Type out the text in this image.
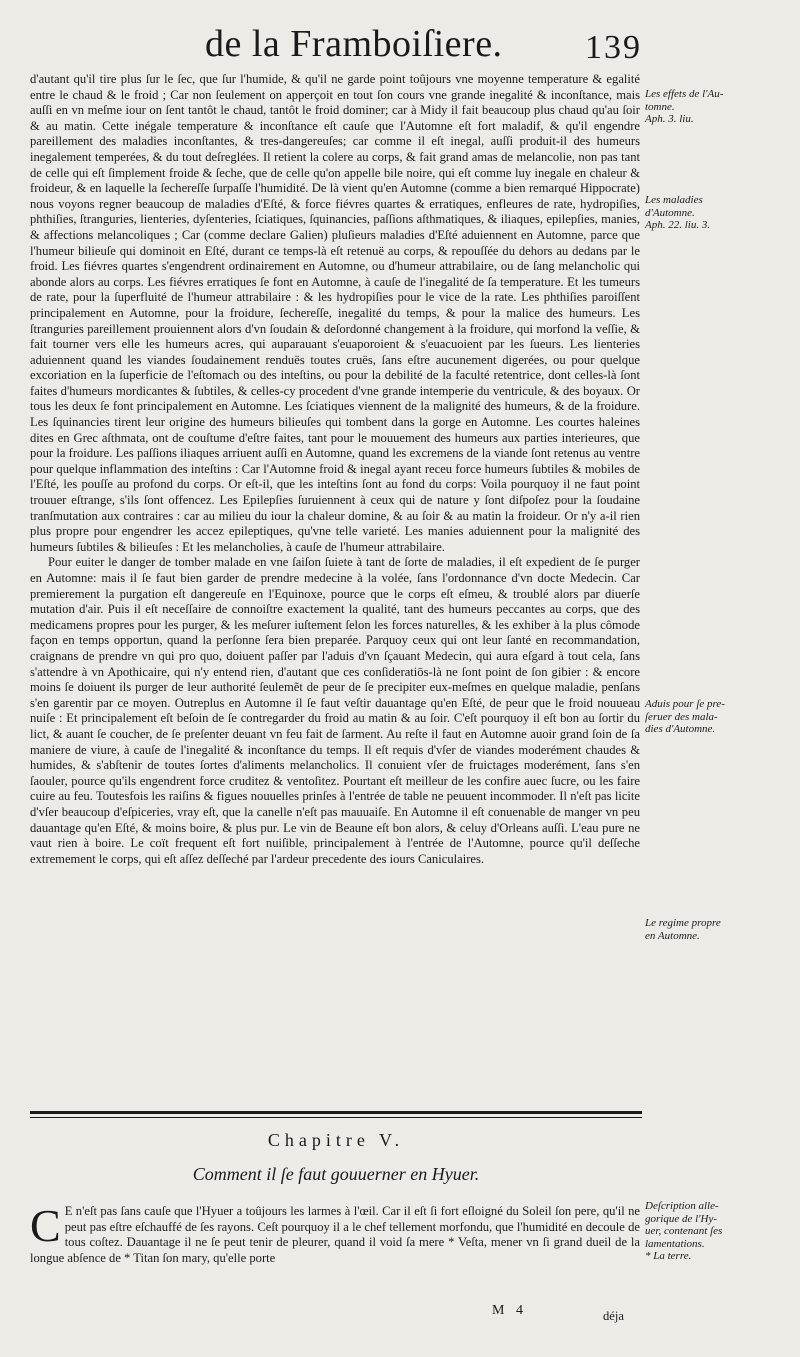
de la Framboiſiere. 139

d'autant qu'il tire plus ſur le ſec, que ſur l'humide, & qu'il ne garde point toûjours vne moyenne temperature & egalité entre le chaud & le froid ; Car non ſeulement on apperçoit en tout ſon cours vne grande inegalité & inconſtance, mais auſſi en vn meſme iour on ſent tantôt le chaud, tantôt le froid dominer; car à Midy il fait beaucoup plus chaud qu'au ſoir & au matin. Cette inégale temperature & inconſtance eſt cauſe que l'Automne eſt fort maladif, & qu'il engendre pareillement des maladies inconſtantes, & tres-dangereuſes; car comme il eſt inegal, auſſi produit-il des humeurs inegalement temperées, & du tout deſreglées. Il retient la colere au corps, & fait grand amas de melancolie, non pas tant de celle qui eſt ſimplement froide & ſeche, que de celle qu'on appelle bile noire, qui eſt comme luy inegale en chaleur & froideur, & en laquelle la ſechereſſe ſurpaſſe l'humidité. De là vient qu'en Automne (comme a bien remarqué Hippocrate) nous voyons regner beaucoup de maladies d'Eſté, & force fiévres quartes & erratiques, enfleures de rate, hydropiſies, phthiſies, ſtranguries, lienteries, dyſenteries, ſciatiques, ſquinancies, paſſions aſthmatiques, & iliaques, epilepſies, manies, & affections melancoliques ; Car (comme declare Galien) pluſieurs maladies d'Eſté aduiennent en Automne, parce que l'humeur bilieuſe qui dominoit en Eſté, durant ce temps-là eſt retenuë au corps, & repouſſée du dehors au dedans par le froid. Les fiévres quartes s'engendrent ordinairement en Automne, ou d'humeur attrabilaire, ou de ſang melancholic qui abonde alors au corps. Les fiévres erratiques ſe font en Automne, à cauſe de l'inegalité de ſa temperature. Et les tumeurs de rate, pour la ſuperfluité de l'humeur attrabilaire : & les hydropiſies pour le vice de la rate. Les phthiſies paroiſſent principalement en Automne, pour la froidure, ſechereſſe, inegalité du temps, & pour la malice des humeurs. Les ſtranguries pareillement prouiennent alors d'vn ſoudain & deſordonné changement à la froidure, qui morfond la veſſie, & fait tourner vers elle les humeurs acres, qui auparauant s'euaporoient & s'euacuoient par les ſueurs. Les lienteries aduiennent quand les viandes ſoudainement renduës toutes cruës, ſans eſtre aucunement digerées, ou pour quelque excoriation en la ſuperficie de l'eſtomach ou des inteſtins, ou pour la debilité de la faculté retentrice, dont celles-là ſont faites d'humeurs mordicantes & ſubtiles, & celles-cy procedent d'vne grande intemperie du ventricule, & des boyaux. Or tous les deux ſe font principalement en Automne. Les ſciatiques viennent de la malignité des humeurs, & de la froidure. Les ſquinancies tirent leur origine des humeurs bilieuſes qui tombent dans la gorge en Automne. Les courtes haleines dites en Grec aſthmata, ont de couſtume d'eſtre faites, tant pour le mouuement des humeurs aux parties interieures, que pour la froidure. Les paſſions iliaques arriuent auſſi en Automne, quand les excremens de la viande ſont retenus au ventre pour quelque inflammation des inteſtins : Car l'Automne froid & inegal ayant receu force humeurs ſubtiles & mobiles de l'Eſté, les pouſſe au profond du corps. Or eſt-il, que les inteſtins ſont au fond du corps: Voila pourquoy il ne faut point trouuer eſtrange, s'ils ſont offencez. Les Epilepſies ſuruiennent à ceux qui de nature y ſont diſpoſez pour la ſoudaine tranſmutation aux contraires : car au milieu du iour la chaleur domine, & au ſoir & au matin la froideur. Or n'y a-il rien plus propre pour engendrer les accez epileptiques, qu'vne telle varieté. Les manies aduiennent pour la malignité des humeurs ſubtiles & bilieuſes : Et les melancholies, à cauſe de l'humeur attrabilaire.

Pour euiter le danger de tomber malade en vne ſaiſon ſuiete à tant de ſorte de maladies, il eſt expedient de ſe purger en Automne: mais il ſe faut bien garder de prendre medecine à la volée, ſans l'ordonnance d'vn docte Medecin. Car premierement la purgation eſt dangereuſe en l'Equinoxe, pource que le corps eſt eſmeu, & troublé alors par diuerſe mutation d'air. Puis il eſt neceſſaire de connoiſtre exactement la qualité, tant des humeurs peccantes au corps, que des medicamens propres pour les purger, & les meſurer iuſtement ſelon les forces naturelles, & les exhiber à la plus cômode façon en temps opportun, quand la perſonne ſera bien preparée. Parquoy ceux qui ont leur ſanté en recommandation, craignans de prendre vn qui pro quo, doiuent paſſer par l'aduis d'vn ſçauant Medecin, qui aura eſgard à tout cela, ſans s'attendre à vn Apothicaire, qui n'y entend rien, d'autant que ces conſideratiōs-là ne ſont point de ſon gibier : & encore moins ſe doiuent ils purger de leur authorité ſeulemẽt de peur de ſe precipiter eux-meſmes en quelque maladie, penſans s'en garentir par ce moyen. Outreplus en Automne il ſe faut veſtir dauantage qu'en Eſté, de peur que le froid nouueau nuiſe : Et principalement eſt beſoin de ſe contregarder du froid au matin & au ſoir. C'eſt pourquoy il eſt bon au ſortir du lict, & auant ſe coucher, de ſe preſenter deuant vn feu fait de ſarment. Au reſte il faut en Automne auoir grand ſoin de ſa maniere de viure, à cauſe de l'inegalité & inconſtance du temps. Il eſt requis d'vſer de viandes moderément chaudes & humides, & s'abſtenir de toutes ſortes d'aliments melancholics. Il conuient vſer de fruictages moderément, ſans s'en ſaouler, pource qu'ils engendrent force cruditez & ventoſitez. Pourtant eſt meilleur de les confire auec ſucre, ou les faire cuire au feu. Toutesfois les raiſins & figues nouuelles prinſes à l'entrée de table ne peuuent incommoder. Il n'eſt pas licite d'vſer beaucoup d'eſpiceries, vray eſt, que la canelle n'eſt pas mauuaiſe. En Automne il eſt conuenable de manger vn peu dauantage qu'en Eſté, & moins boire, & plus pur. Le vin de Beaune eſt bon alors, & celuy d'Orleans auſſi. L'eau pure ne vaut rien à boire. Le coït frequent eſt fort nuiſible, principalement à l'entrée de l'Automne, pource qu'il deſſeche extremement le corps, qui eſt aſſez deſſeché par l'ardeur precedente des iours Caniculaires.

Les effets de l'Au-
tomne.
Aph. 3. liu.
Les maladies
d'Automne.
Aph. 22. liu. 3.
Aduis pour ſe pre-
ſeruer des mala-
dies d'Automne.
Le regime propre
en Automne.
Deſcription alle-
gorique de l'Hy-
uer, contenant ſes
lamentations.
* La terre.
Chapitre V.
Comment il ſe faut gouuerner en Hyuer.
C E n'eſt pas ſans cauſe que l'Hyuer a toûjours les larmes à l'œil. Car il eſt ſi fort eſloigné du Soleil ſon pere, qu'il ne peut pas eſtre eſchauffé de ſes rayons. Ceſt pourquoy il a le chef tellement morfondu, que l'humidité en decoule de tous coſtez. Dauantage il ne ſe peut tenir de pleurer, quand il void ſa mere * Veſta, mener vn ſi grand dueil de la longue abſence de * Titan ſon mary, qu'elle porte
M 4	déja
